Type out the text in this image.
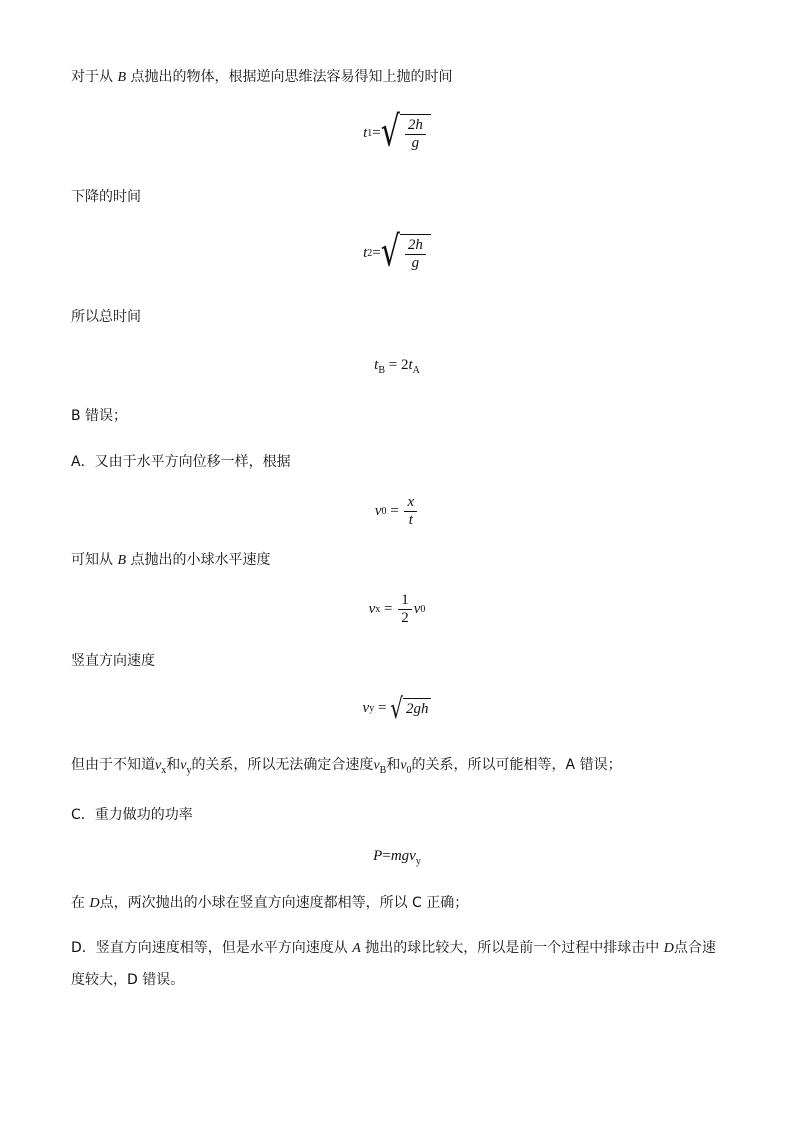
对于从 B 点抛出的物体，根据逆向思维法容易得知上抛的时间
t 1 = √ $\frac{2h}{g}$
下降的时间
t 2 = √ $\frac{2h}{g}$
所以总时间
$t_B = 2t_A$
B 错误；
A．又由于水平方向位移一样，根据
v $0 = \frac{x}{t}$
可知从 B 点抛出的小球水平速度
v $x = \frac{1}{2}$ v 0
竖直方向速度
v y = √ 2gh
但由于不知道$v_x$和$v_y$的关系，所以无法确定合速度$v_B$和$v_0$的关系，所以可能相等，A 错误；
C．重力做功的功率
P=mgv$_y$
在 D点，两次抛出的小球在竖直方向速度都相等，所以 C 正确；
D．竖直方向速度相等，但是水平方向速度从 A 抛出的球比较大，所以是前一个过程中排球击中 D点合速
度较大，D 错误。
